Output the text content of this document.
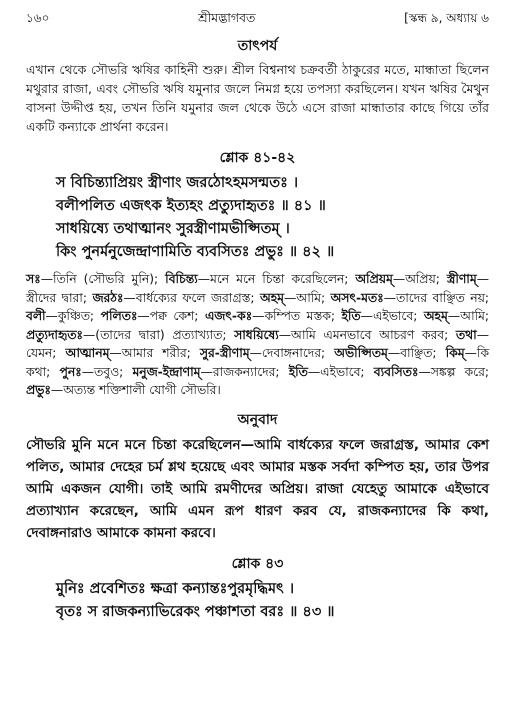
১৬০	শ্রীমদ্ভাগবত	[স্কন্ধ ৯, অধ্যায় ৬
তাৎপর্য

এখান থেকে সৌভরি ঋষির কাহিনী শুরু। শ্রীল বিশ্বনাথ চক্রবর্তী ঠাকুরের মতে, মান্ধাতা ছিলেন মথুরার রাজা, এবং সৌভরি ঋষি যমুনার জলে নিমগ্ন হয়ে তপস্যা করছিলেন। যখন ঋষির মৈথুন বাসনা উদ্দীপ্ত হয়, তখন তিনি যমুনার জল থেকে উঠে এসে রাজা মান্ধাতার কাছে গিয়ে তাঁর একটি কন্যাকে প্রার্থনা করেন।

শ্লোক ৪১-৪২
স বিচিন্ত্যাপ্রিয়ং স্ত্রীণাং জরঠোঽহমসন্মতঃ ।
বলীপলিত এজৎক ইত্যহং প্রত্যুদাহৃতঃ ॥ ৪১ ॥
সাধয়িষ্যে তথাত্মানং সুরস্ত্রীণামভীপ্সিতম্ ।
কিং পুনর্মনুজেন্দ্রাণামিতি ব্যবসিতঃ প্রভুঃ ॥ ৪২ ॥

সঃ—তিনি (সৌভরি মুনি); বিচিন্ত্য—মনে মনে চিন্তা করেছিলেন; অপ্রিয়ম্—অপ্রিয়; স্ত্রীণাম্—স্ত্রীদের দ্বারা; জরঠঃ—বার্ধক্যের ফলে জরাগ্রস্ত; অহম্—আমি; অসৎ-মতঃ—তাদের বাঞ্ছিত নয়; বলী—কুঞ্চিত; পলিতঃ—পক্ব কেশ; এজৎ-কঃ—কম্পিত মস্তক; ইতি—এইভাবে; অহম্—আমি; প্রত্যুদাহৃতঃ—(তাদের দ্বারা) প্রত্যাখ্যাত; সাধয়িষ্যে—আমি এমনভাবে আচরণ করব; তথা—যেমন; আত্মানম্—আমার শরীর; সুর-স্ত্রীণাম্—দেবাঙ্গনাদের; অভীপ্সিতম্—বাঞ্ছিত; কিম্—কি কথা; পুনঃ—তবুও; মনুজ-ইন্দ্রাণাম্—রাজকন্যাদের; ইতি—এইভাবে; ব্যবসিতঃ—সঙ্কল্প করে; প্রভুঃ—অত্যন্ত শক্তিশালী যোগী সৌভরি।

অনুবাদ

সৌভরি মুনি মনে মনে চিন্তা করেছিলেন—আমি বার্ধক্যের ফলে জরাগ্রস্ত, আমার কেশ পলিত, আমার দেহের চর্ম শ্লথ হয়েছে এবং আমার মস্তক সর্বদা কম্পিত হয়, তার উপর আমি একজন যোগী। তাই আমি রমণীদের অপ্রিয়। রাজা যেহেতু আমাকে এইভাবে প্রত্যাখ্যান করেছেন, আমি এমন রূপ ধারণ করব যে, রাজকন্যাদের কি কথা, দেবাঙ্গনারাও আমাকে কামনা করবে।

শ্লোক ৪৩
মুনিঃ প্রবেশিতঃ ক্ষত্রা কন্যান্তঃপুরমৃদ্ধিমৎ ।
বৃতঃ স রাজকন্যাভিরেকং পঞ্চাশতা বরঃ ॥ ৪৩ ॥
